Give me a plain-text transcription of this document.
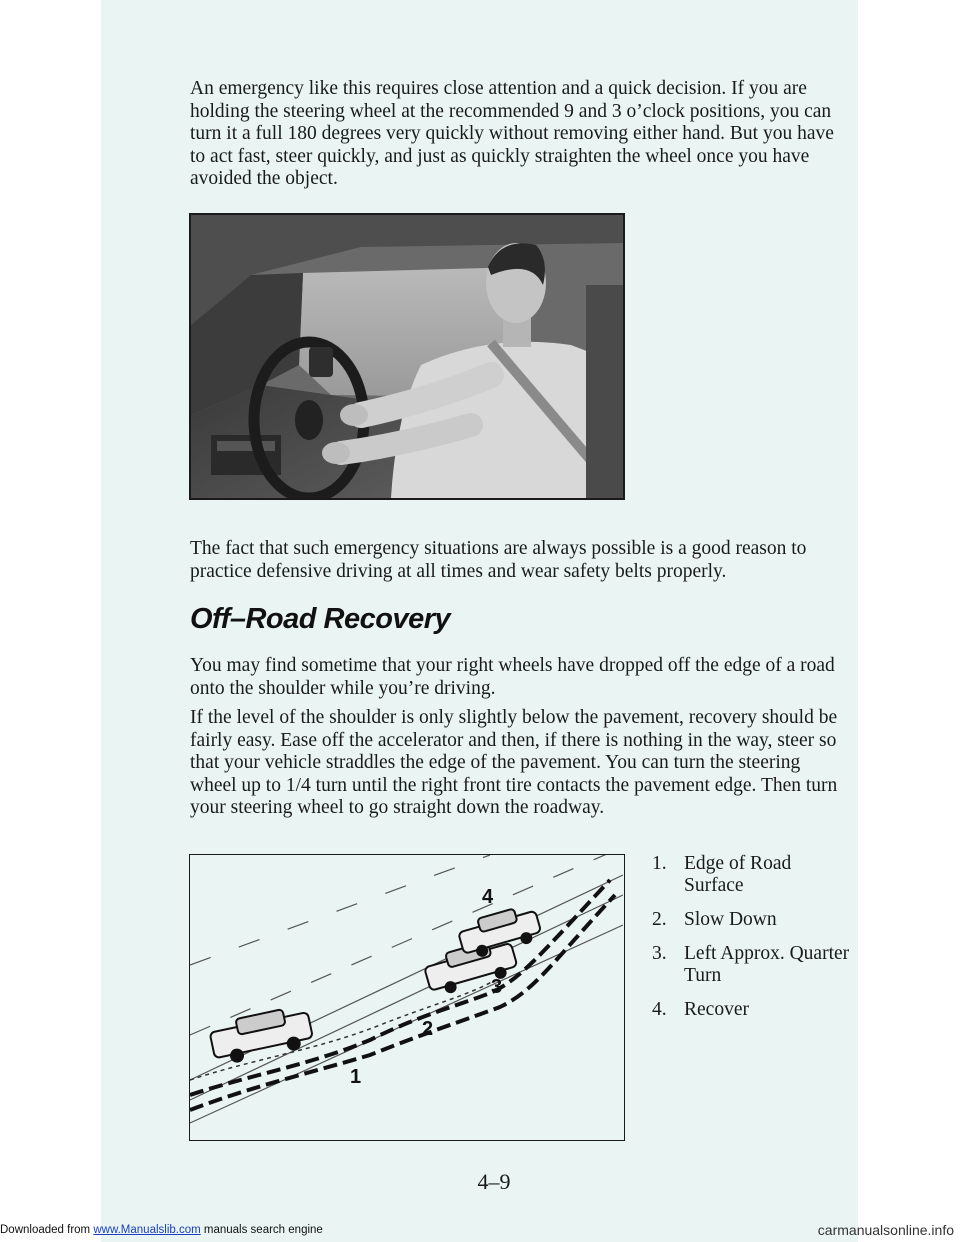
An emergency like this requires close attention and a quick decision. If you are holding the steering wheel at the recommended 9 and 3 o’clock positions, you can turn it a full 180 degrees very quickly without removing either hand. But you have to act fast, steer quickly, and just as quickly straighten the wheel once you have avoided the object.

The fact that such emergency situations are always possible is a good reason to practice defensive driving at all times and wear safety belts properly.

Off–Road Recovery

You may find sometime that your right wheels have dropped off the edge of a road onto the shoulder while you’re driving.

If the level of the shoulder is only slightly below the pavement, recovery should be fairly easy. Ease off the accelerator and then, if there is nothing in the way, steer so that your vehicle straddles the edge of the pavement. You can turn the steering wheel up to 1/4 turn until the right front tire contacts the pavement edge. Then turn your steering wheel to go straight down the roadway.

1
2
3
4
1. Edge of Road Surface
2. Slow Down
3. Left Approx. Quarter Turn
4. Recover
4–9
Downloaded from www.Manualslib.com manuals search engine	carmanualsonline.info
